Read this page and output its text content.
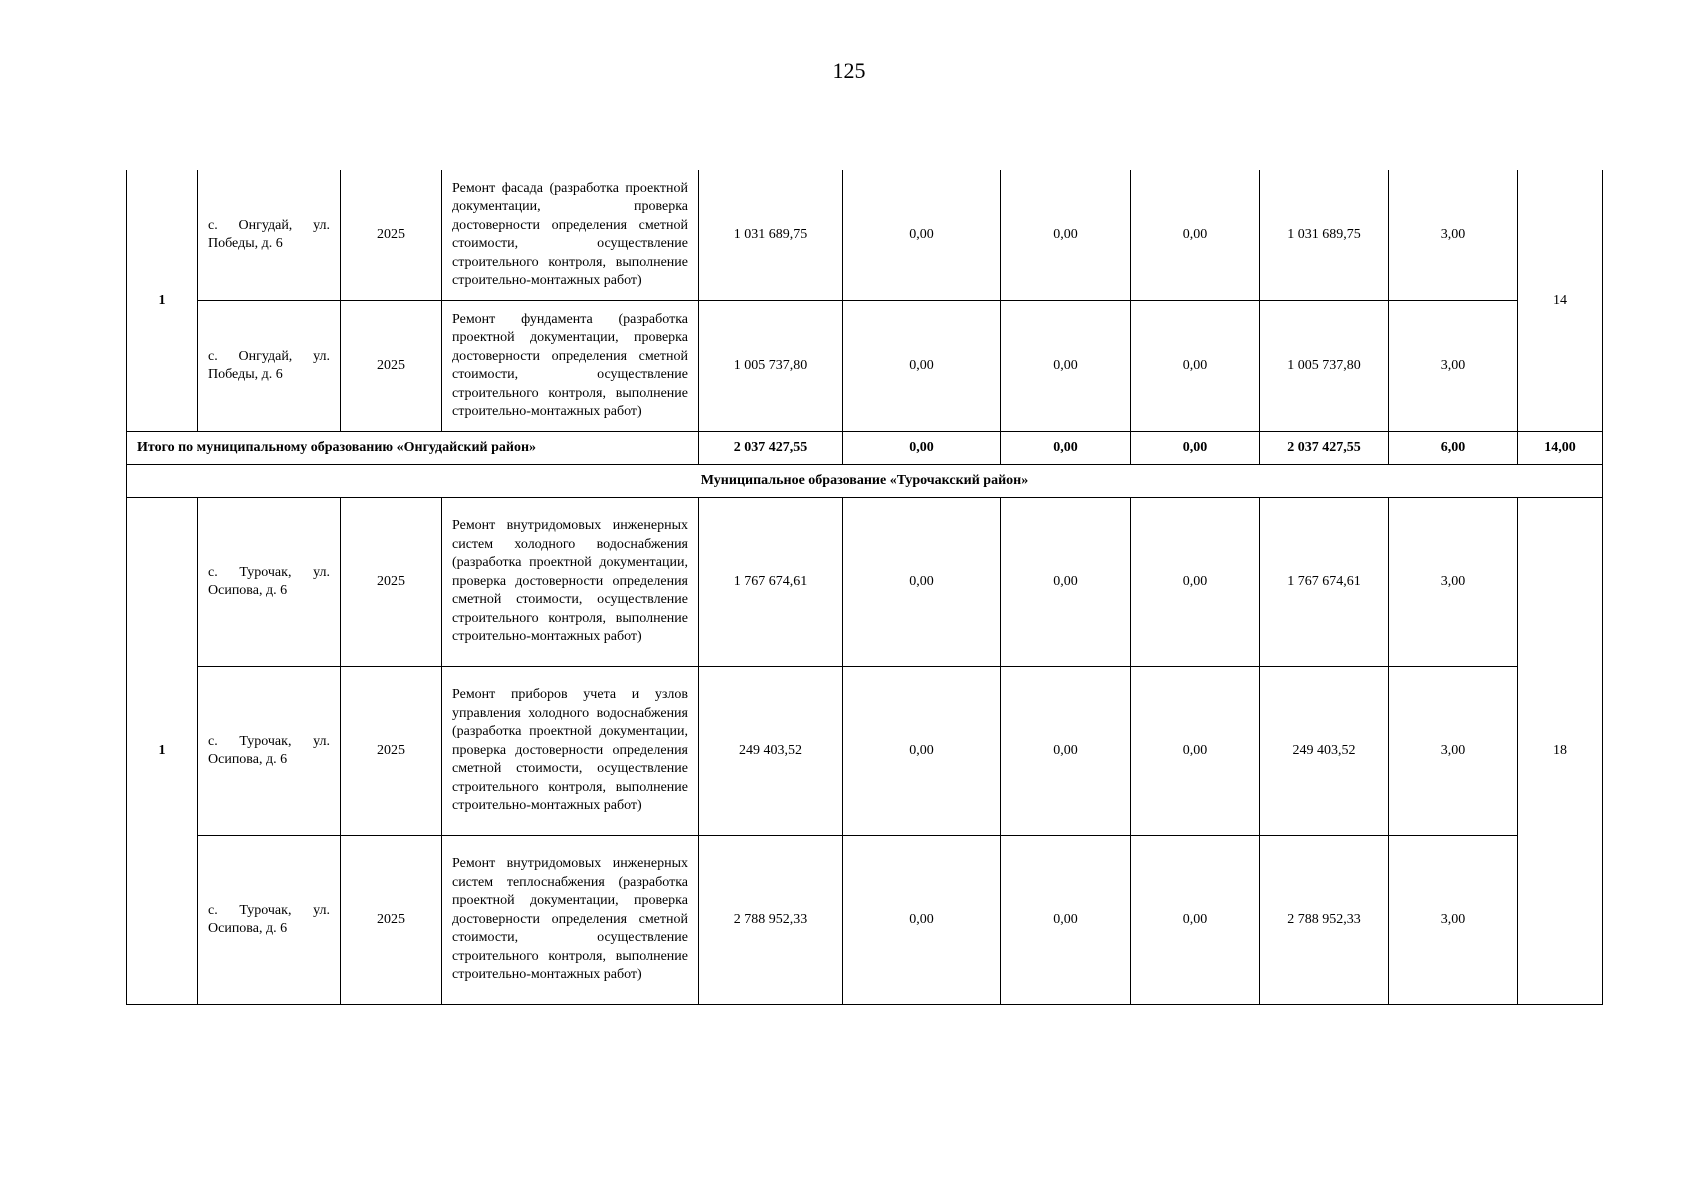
125
1	с. Онгудай, ул. Победы, д. 6	2025	Ремонт фасада (разработка проектной документации, проверка достоверности определения сметной стоимости, осуществление строительного контроля, выполнение строительно-монтажных работ)	1 031 689,75	0,00	0,00	0,00	1 031 689,75	3,00	14
	с. Онгудай, ул. Победы, д. 6	2025	Ремонт фундамента (разработка проектной документации, проверка достоверности определения сметной стоимости, осуществление строительного контроля, выполнение строительно-монтажных работ)	1 005 737,80	0,00	0,00	0,00	1 005 737,80	3,00	
Итого по муниципальному образованию «Онгудайский район»				2 037 427,55	0,00	0,00	0,00	2 037 427,55	6,00	14,00
Муниципальное образование «Турочакский район»										
1	с. Турочак, ул. Осипова, д. 6	2025	Ремонт внутридомовых инженерных систем холодного водоснабжения (разработка проектной документации, проверка достоверности определения сметной стоимости, осуществление строительного контроля, выполнение строительно-монтажных работ)	1 767 674,61	0,00	0,00	0,00	1 767 674,61	3,00	18
	с. Турочак, ул. Осипова, д. 6	2025	Ремонт приборов учета и узлов управления холодного водоснабжения (разработка проектной документации, проверка достоверности определения сметной стоимости, осуществление строительного контроля, выполнение строительно-монтажных работ)	249 403,52	0,00	0,00	0,00	249 403,52	3,00	
	с. Турочак, ул. Осипова, д. 6	2025	Ремонт внутридомовых инженерных систем теплоснабжения (разработка проектной документации, проверка достоверности определения сметной стоимости, осуществление строительного контроля, выполнение строительно-монтажных работ)	2 788 952,33	0,00	0,00	0,00	2 788 952,33	3,00	
